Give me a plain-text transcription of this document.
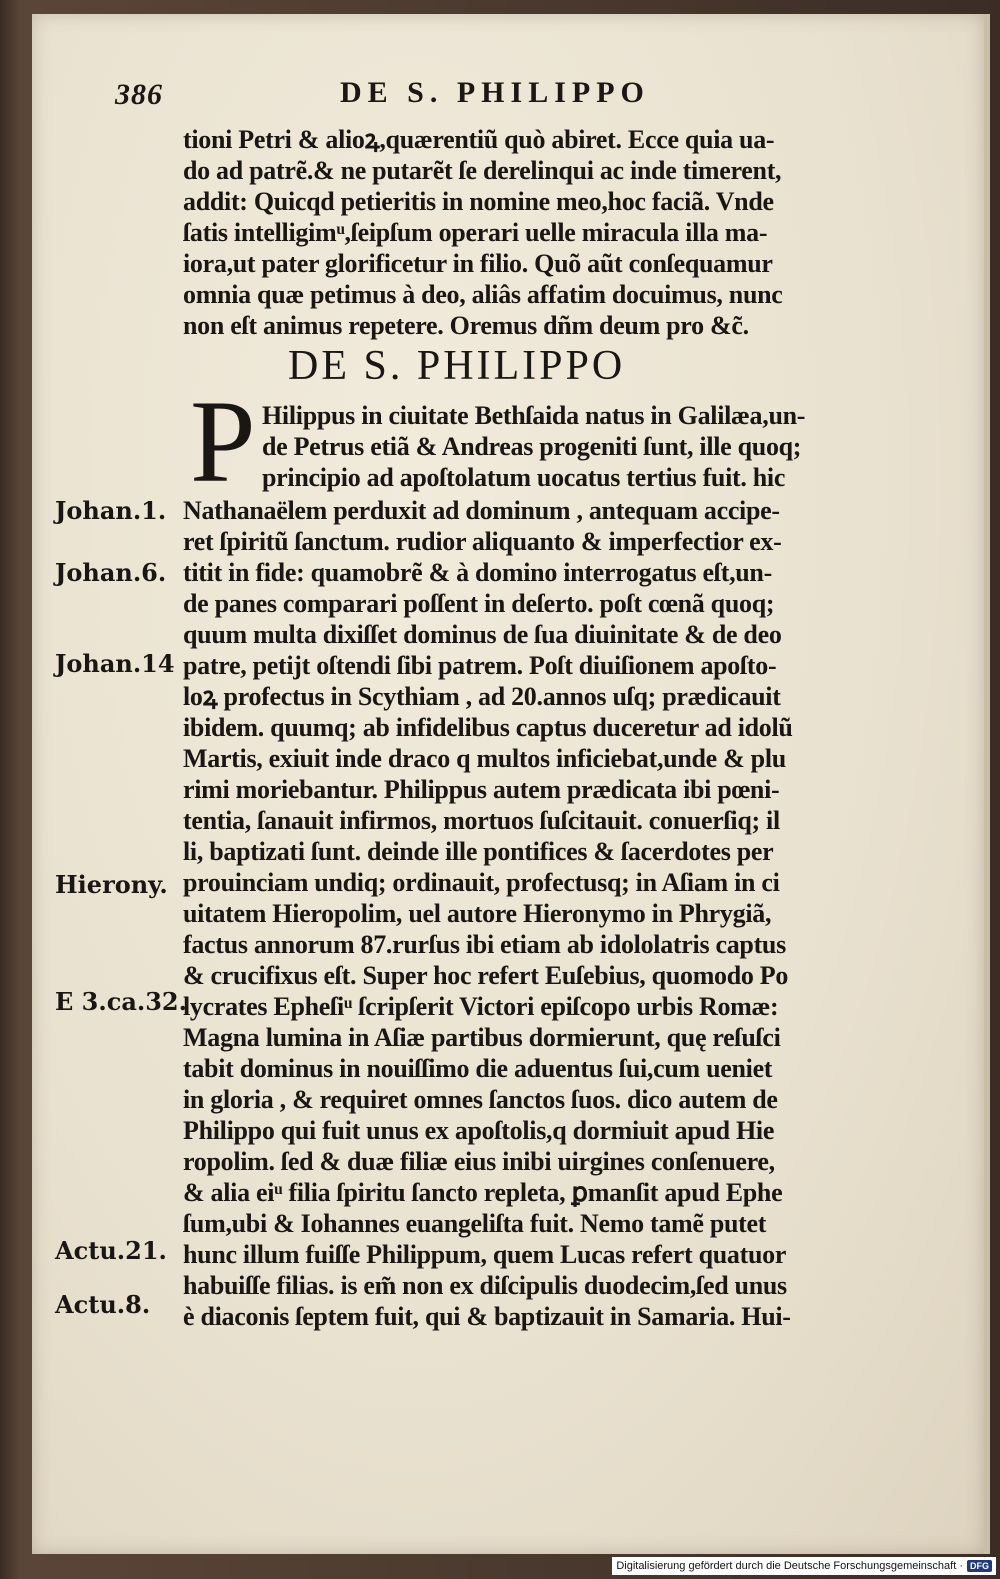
386	DE S. PHILIPPO
tioni Petri & alioꝝ,quærentiũ quò abiret. Ecce quia ua-
do ad patrẽ.& ne putarẽt ſe derelinqui ac inde timerent,
addit: Quicqd petieritis in nomine meo,hoc faciã. Vnde
ſatis intelligimᵘ,ſeipſum operari uelle miracula illa ma-
iora,ut pater glorificetur in filio. Quõ aũt conſequamur
omnia quæ petimus à deo, aliâs affatim docuimus, nunc
non eſt animus repetere. Oremus dñm deum pro &c̃.
DE S. PHILIPPO
P Hilippus in ciuitate Bethſaida natus in Galilæa,un-
de Petrus etiã & Andreas progeniti ſunt, ille quoq;
principio ad apoſtolatum uocatus tertius fuit. hic
Nathanaëlem perduxit ad dominum , antequam accipe-
ret ſpiritũ ſanctum. rudior aliquanto & imperfectior ex-
titit in fide: quamobrẽ & à domino interrogatus eſt,un-
de panes comparari poſſent in deſerto. poſt cœnã quoq;
quum multa dixiſſet dominus de ſua diuinitate & de deo
patre, petijt oſtendi ſibi patrem. Poſt diuiſionem apoſto-
loꝝ profectus in Scythiam , ad 20.annos uſq; prædicauit
ibidem. quumq; ab infidelibus captus duceretur ad idolũ
Martis, exiuit inde draco q multos inficiebat,unde & plu
rimi moriebantur. Philippus autem prædicata ibi pœni-
tentia, ſanauit infirmos, mortuos ſuſcitauit. conuerſiq; il
li, baptizati ſunt. deinde ille pontifices & ſacerdotes per
prouinciam undiq; ordinauit, profectusq; in Aſiam in ci
uitatem Hieropolim, uel autore Hieronymo in Phrygiã,
factus annorum 87.rurſus ibi etiam ab idololatris captus
& crucifixus eſt. Super hoc refert Euſebius, quomodo Po
lycrates Epheſiᵘ ſcripſerit Victori epiſcopo urbis Romæ:
Magna lumina in Aſiæ partibus dormierunt, quę reſuſci
tabit dominus in nouiſſimo die aduentus ſui,cum ueniet
in gloria , & requiret omnes ſanctos ſuos. dico autem de
Philippo qui fuit unus ex apoſtolis,q dormiuit apud Hie
ropolim. ſed & duæ filiæ eius inibi uirgines conſenuere,
& alia eiᵘ filia ſpiritu ſancto repleta, ꝑmanſit apud Ephe
ſum,ubi & Iohannes euangeliſta fuit. Nemo tamẽ putet
hunc illum fuiſſe Philippum, quem Lucas refert quatuor
habuiſſe filias. is em̃ non ex diſcipulis duodecim,ſed unus
è diaconis ſeptem fuit, qui & baptizauit in Samaria. Hui-
Johan.1.
Johan.6.
Johan.14
Hierony.
E 3.ca.32.
Actu.21.
Actu.8.
Digitalisierung gefördert durch die Deutsche Forschungsgemeinschaft · DFG
